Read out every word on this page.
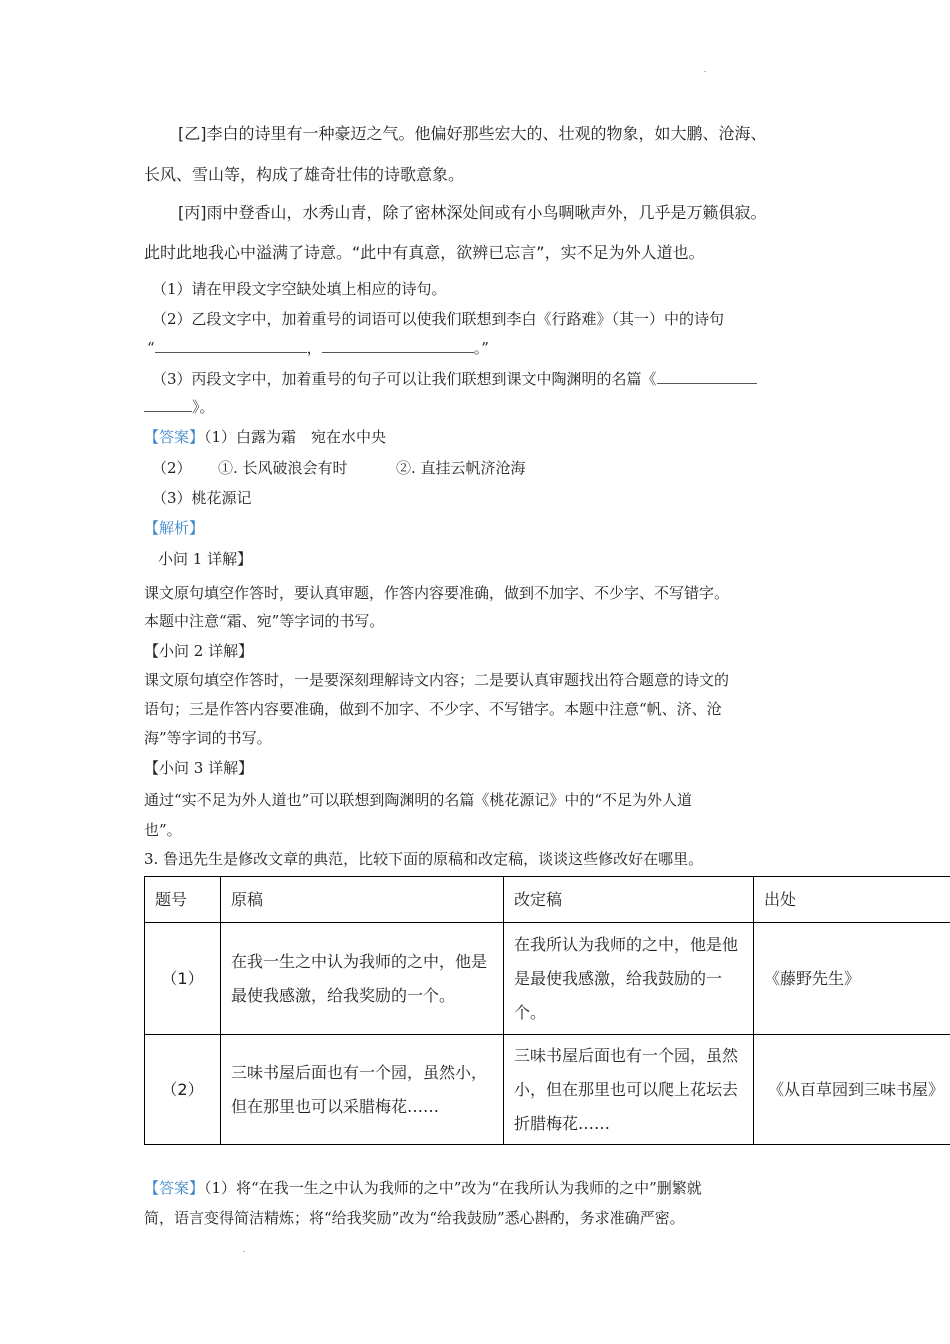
[乙]李白的诗里有一种豪迈之气。他偏好那些宏大的、壮观的物象，如大鹏、沧海、
长风、雪山等，构成了雄奇壮伟的诗歌意象。
[丙]雨中登香山，水秀山青，除了密林深处间或有小鸟啁啾声外，几乎是万籁俱寂。
此时此地我心中溢满了诗意。“此中有真意，欲辨已忘言”，实不足为外人道也。
（1）请在甲段文字空缺处填上相应的诗句。
（2）乙段文字中，加着重号的词语可以使我们联想到李白《行路难》（其一）中的诗句
“	，	。”
（3）丙段文字中，加着重号的句子可以让我们联想到课文中陶渊明的名篇《
》。
【答案】（1）白露为霜　宛在水中央
（2） ①. 长风破浪会有时	②. 直挂云帆济沧海
（3）桃花源记
【解析】
小问 1 详解】
课文原句填空作答时，要认真审题，作答内容要准确，做到不加字、不少字、不写错字。
本题中注意“霜、宛”等字词的书写。
【小问 2 详解】
课文原句填空作答时，一是要深刻理解诗文内容；二是要认真审题找出符合题意的诗文的
语句；三是作答内容要准确，做到不加字、不少字、不写错字。本题中注意“帆、济、沧
海”等字词的书写。
【小问 3 详解】
通过“实不足为外人道也”可以联想到陶渊明的名篇《桃花源记》中的“不足为外人道
也”。
3. 鲁迅先生是修改文章的典范，比较下面的原稿和改定稿，谈谈这些修改好在哪里。
题号	原稿	改定稿	出处
（1）	在我一生之中认为我师的之中，他是最使我感激，给我奖励的一个。	在我所认为我师的之中，他是他是最使我感激，给我鼓励的一个。	《藤野先生》
（2）	三味书屋后面也有一个园，虽然小，但在那里也可以采腊梅花……	三味书屋后面也有一个园，虽然小，但在那里也可以爬上花坛去折腊梅花……	《从百草园到三味书屋》
【答案】（1）将“在我一生之中认为我师的之中”改为“在我所认为我师的之中”删繁就
简，语言变得简洁精炼；将“给我奖励”改为“给我鼓励”悉心斟酌，务求准确严密。
